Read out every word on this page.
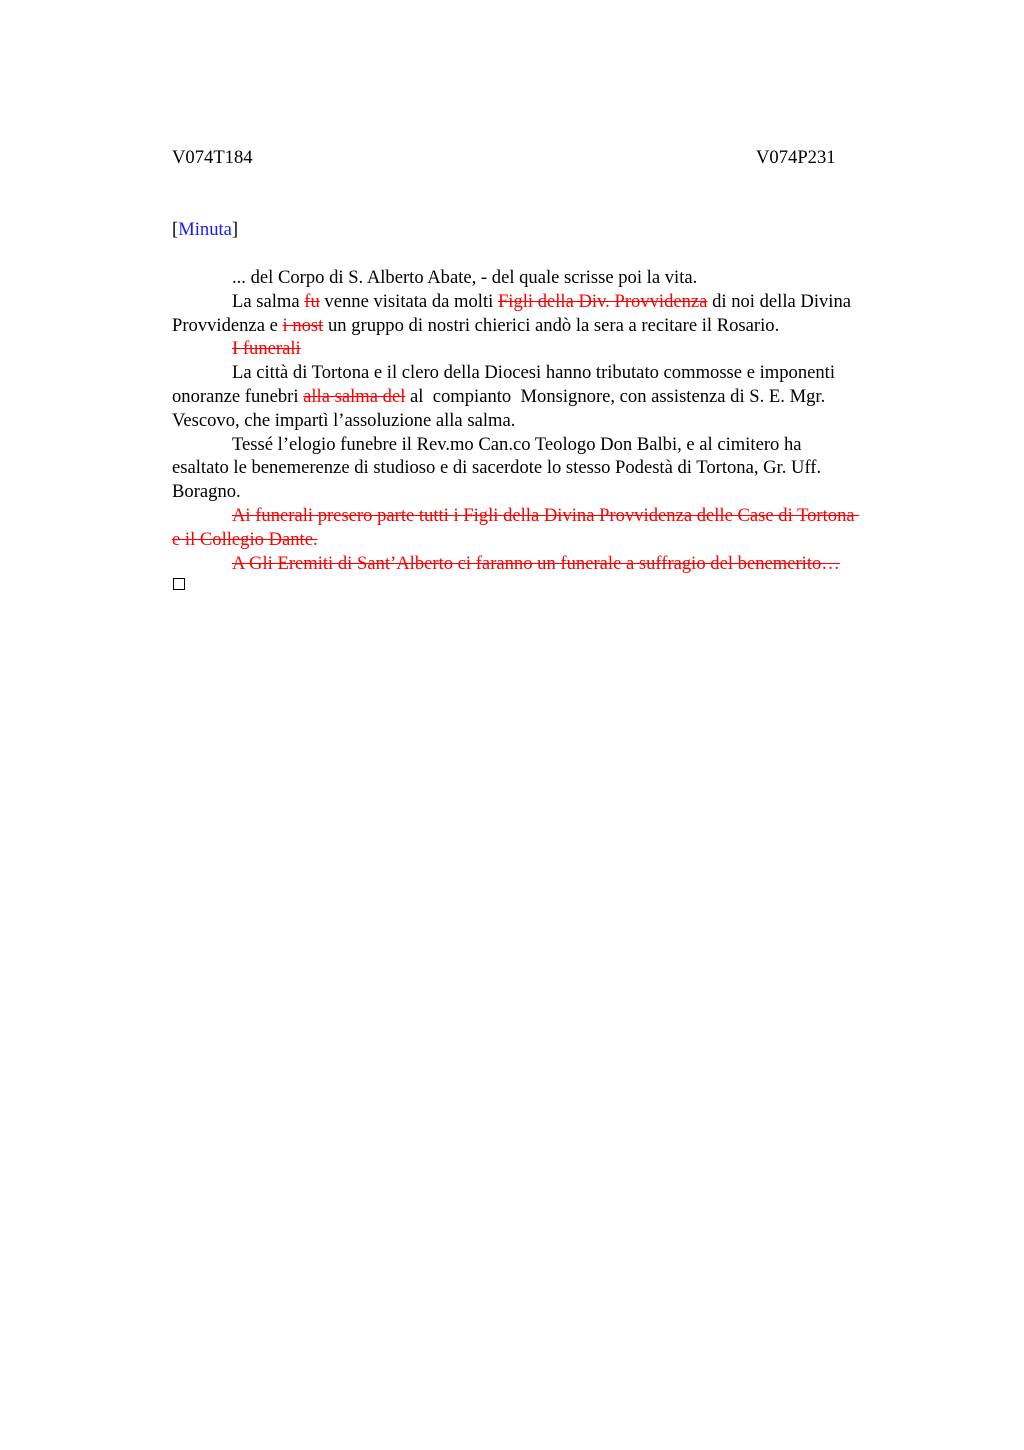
V074T184	V074P231
[Minuta]

... del Corpo di S. Alberto Abate, - del quale scrisse poi la vita.

La salma fu venne visitata da molti Figli della Div. Provvidenza di noi della Divina
Provvidenza e i nost un gruppo di nostri chierici andò la sera a recitare il Rosario.

I funerali

La città di Tortona e il clero della Diocesi hanno tributato commosse e imponenti
onoranze funebri alla salma del al  compianto  Monsignore, con assistenza di S. E. Mgr.
Vescovo, che impartì l’assoluzione alla salma.
Tessé l’elogio funebre il Rev.mo Can.co Teologo Don Balbi, e al cimitero ha
esaltato le benemerenze di studioso e di sacerdote lo stesso Podestà di Tortona, Gr. Uff.
Boragno.
Ai funerali presero parte tutti i Figli della Divina Provvidenza delle Case di Tortona
e il Collegio Dante.

A Gli Eremiti di Sant’Alberto ci faranno un funerale a suffragio del benemerito…
